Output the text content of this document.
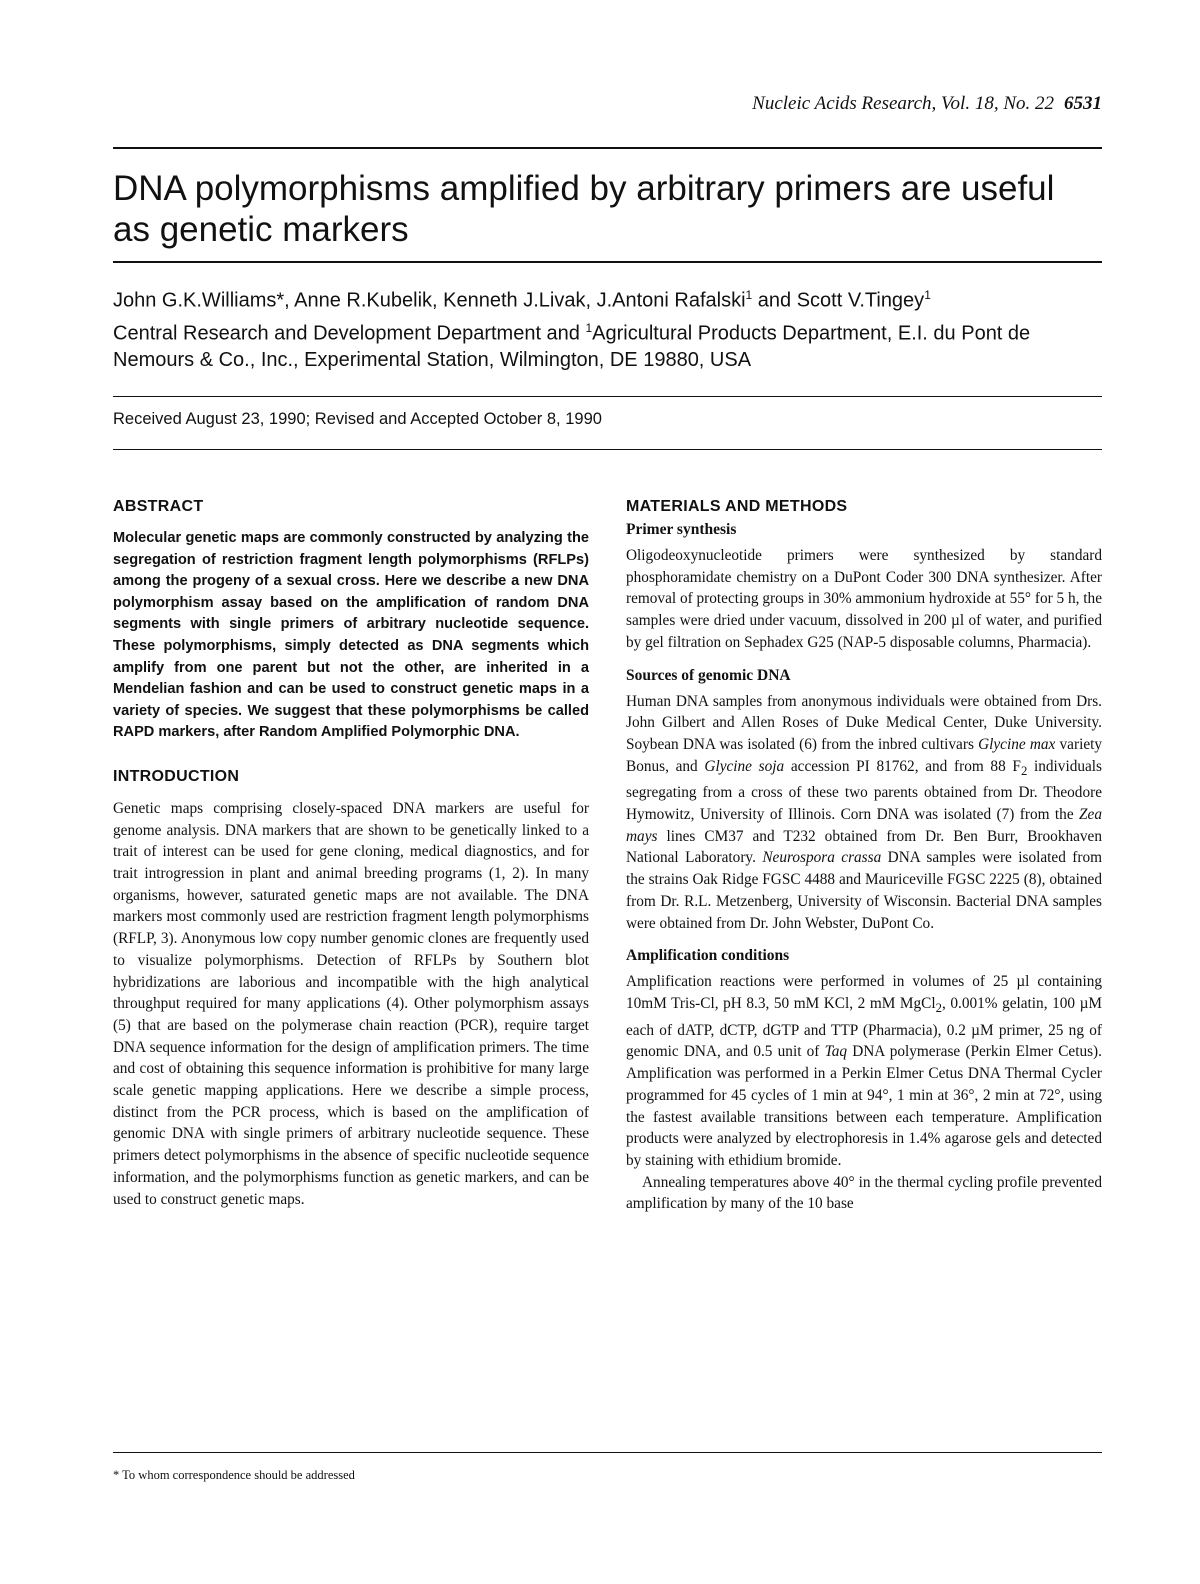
Nucleic Acids Research, Vol. 18, No. 22 6531
DNA polymorphisms amplified by arbitrary primers are useful as genetic markers
John G.K.Williams*, Anne R.Kubelik, Kenneth J.Livak, J.Antoni Rafalski$^1$ and Scott V.Tingey$^1$
Central Research and Development Department and $^1$Agricultural Products Department, E.I. du Pont de Nemours & Co., Inc., Experimental Station, Wilmington, DE 19880, USA
Received August 23, 1990; Revised and Accepted October 8, 1990
ABSTRACT

Molecular genetic maps are commonly constructed by analyzing the segregation of restriction fragment length polymorphisms (RFLPs) among the progeny of a sexual cross. Here we describe a new DNA polymorphism assay based on the amplification of random DNA segments with single primers of arbitrary nucleotide sequence. These polymorphisms, simply detected as DNA segments which amplify from one parent but not the other, are inherited in a Mendelian fashion and can be used to construct genetic maps in a variety of species. We suggest that these polymorphisms be called RAPD markers, after Random Amplified Polymorphic DNA.

INTRODUCTION

Genetic maps comprising closely-spaced DNA markers are useful for genome analysis. DNA markers that are shown to be genetically linked to a trait of interest can be used for gene cloning, medical diagnostics, and for trait introgression in plant and animal breeding programs (1, 2). In many organisms, however, saturated genetic maps are not available. The DNA markers most commonly used are restriction fragment length polymorphisms (RFLP, 3). Anonymous low copy number genomic clones are frequently used to visualize polymorphisms. Detection of RFLPs by Southern blot hybridizations are laborious and incompatible with the high analytical throughput required for many applications (4). Other polymorphism assays (5) that are based on the polymerase chain reaction (PCR), require target DNA sequence information for the design of amplification primers. The time and cost of obtaining this sequence information is prohibitive for many large scale genetic mapping applications. Here we describe a simple process, distinct from the PCR process, which is based on the amplification of genomic DNA with single primers of arbitrary nucleotide sequence. These primers detect polymorphisms in the absence of specific nucleotide sequence information, and the polymorphisms function as genetic markers, and can be used to construct genetic maps.

MATERIALS AND METHODS
Primer synthesis

Oligodeoxynucleotide primers were synthesized by standard phosphoramidate chemistry on a DuPont Coder 300 DNA synthesizer. After removal of protecting groups in 30% ammonium hydroxide at 55° for 5 h, the samples were dried under vacuum, dissolved in 200 µl of water, and purified by gel filtration on Sephadex G25 (NAP-5 disposable columns, Pharmacia).

Sources of genomic DNA

Human DNA samples from anonymous individuals were obtained from Drs. John Gilbert and Allen Roses of Duke Medical Center, Duke University. Soybean DNA was isolated (6) from the inbred cultivars Glycine max variety Bonus, and Glycine soja accession PI 81762, and from 88 $F_2$ individuals segregating from a cross of these two parents obtained from Dr. Theodore Hymowitz, University of Illinois. Corn DNA was isolated (7) from the Zea mays lines CM37 and T232 obtained from Dr. Ben Burr, Brookhaven National Laboratory. Neurospora crassa DNA samples were isolated from the strains Oak Ridge FGSC 4488 and Mauriceville FGSC 2225 (8), obtained from Dr. R.L. Metzenberg, University of Wisconsin. Bacterial DNA samples were obtained from Dr. John Webster, DuPont Co.

Amplification conditions

Amplification reactions were performed in volumes of 25 µl containing 10mM Tris-Cl, pH 8.3, 50 mM KCl, 2 mM MgCl$_2$, 0.001% gelatin, 100 µM each of dATP, dCTP, dGTP and TTP (Pharmacia), 0.2 µM primer, 25 ng of genomic DNA, and 0.5 unit of Taq DNA polymerase (Perkin Elmer Cetus). Amplification was performed in a Perkin Elmer Cetus DNA Thermal Cycler programmed for 45 cycles of 1 min at 94°, 1 min at 36°, 2 min at 72°, using the fastest available transitions between each temperature. Amplification products were analyzed by electrophoresis in 1.4% agarose gels and detected by staining with ethidium bromide.

Annealing temperatures above 40° in the thermal cycling profile prevented amplification by many of the 10 base

* To whom correspondence should be addressed
